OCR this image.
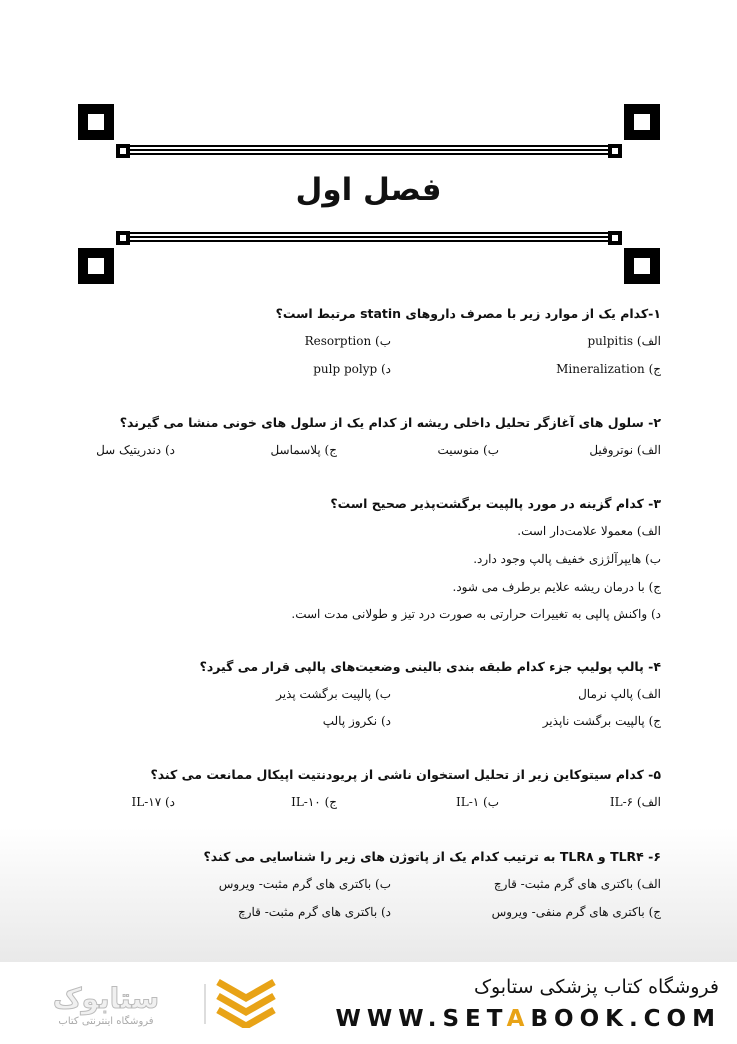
فصل اول
۱-کدام یک از موارد زیر با مصرف داروهای statin مرتبط است؟
الف) pulpitis
ب) Resorption
ج) Mineralization
د) pulp polyp
۲- سلول های آغازگر تحلیل داخلی ریشه از کدام یک از سلول های خونی منشا می گیرند؟
الف) نوتروفیل
ب) منوسیت
ج) پلاسماسل
د) دندریتیک سل
۳- کدام گزینه در مورد پالپیت برگشت‌پذیر صحیح است؟
الف) معمولا علامت‌دار است.
ب) هایپرآلژزی خفیف پالپ وجود دارد.
ج) با درمان ریشه علایم برطرف می شود.
د) واکنش پالپی به تغییرات حرارتی به صورت درد تیز و طولانی مدت است.
۴- پالپ پولیپ جزء کدام طبقه بندی بالینی وضعیت‌های پالپی قرار می گیرد؟
الف) پالپ نرمال
ب) پالپیت برگشت پذیر
ج) پالپیت برگشت ناپذیر
د) نکروز پالپ
۵- کدام سیتوکاین زیر از تحلیل استخوان ناشی از پریودنتیت اپیکال ممانعت می کند؟
الف) IL-۶
ب) IL-۱
ج) IL-۱۰
د) IL-۱۷
۶- TLR۴ و TLR۸ به ترتیب کدام یک از پاتوژن های زیر را شناسایی می کند؟
الف) باکتری های گرم مثبت- قارچ
ب) باکتری های گرم مثبت- ویروس
ج) باکتری های گرم منفی- ویروس
د) باکتری های گرم مثبت- قارچ
ستابوک
فروشگاه اینترنتی کتاب
فروشگاه کتاب پزشکی ستابوک
WWW.SETABOOK.COM
